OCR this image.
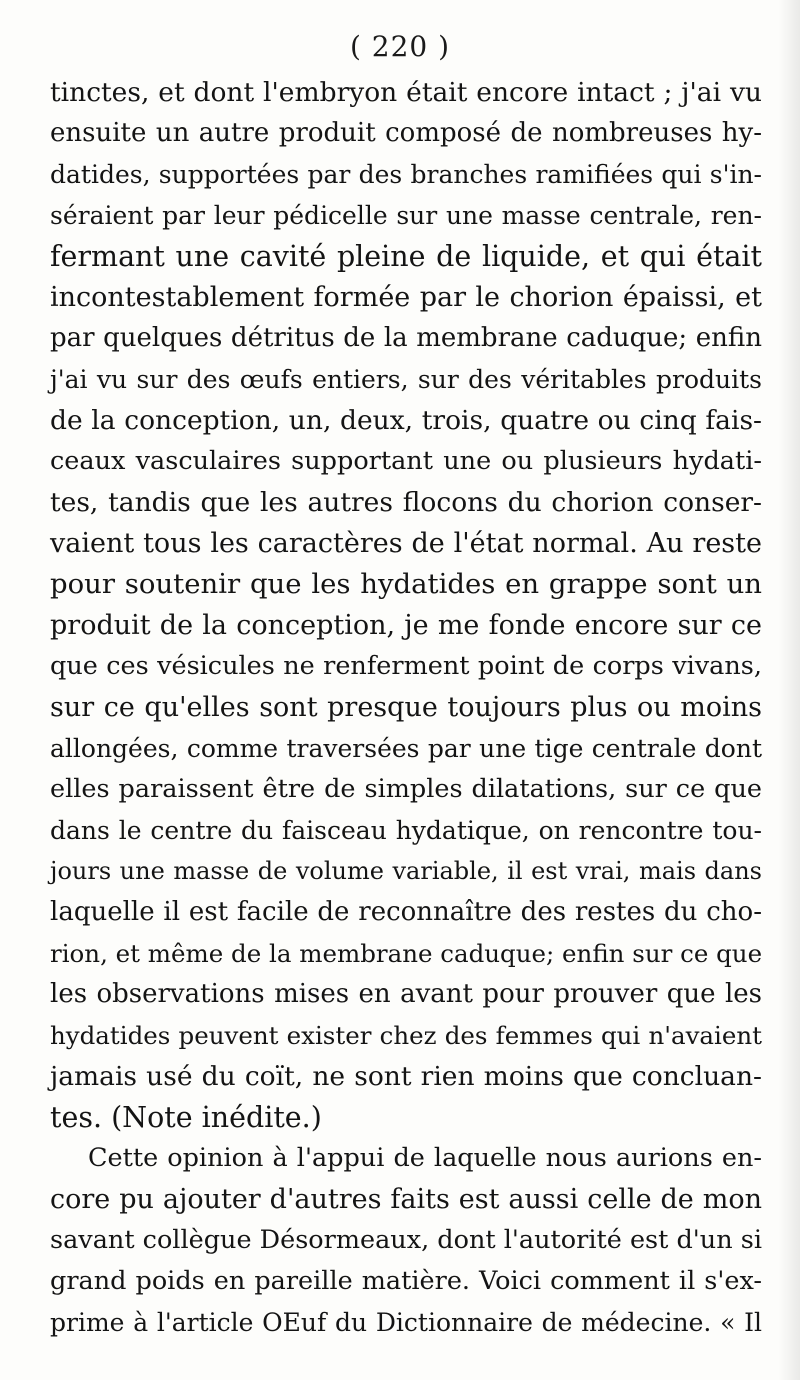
( 220 )
tinctes, et dont l'embryon était encore intact ; j'ai vu
ensuite un autre produit composé de nombreuses hy-
datides, supportées par des branches ramifiées qui s'in-
séraient par leur pédicelle sur une masse centrale, ren-
fermant une cavité pleine de liquide, et qui était
incontestablement formée par le chorion épaissi, et
par quelques détritus de la membrane caduque; enfin
j'ai vu sur des œufs entiers, sur des véritables produits
de la conception, un, deux, trois, quatre ou cinq fais-
ceaux vasculaires supportant une ou plusieurs hydati-
tes, tandis que les autres flocons du chorion conser-
vaient tous les caractères de l'état normal. Au reste
pour soutenir que les hydatides en grappe sont un
produit de la conception, je me fonde encore sur ce
que ces vésicules ne renferment point de corps vivans,
sur ce qu'elles sont presque toujours plus ou moins
allongées, comme traversées par une tige centrale dont
elles paraissent être de simples dilatations, sur ce que
dans le centre du faisceau hydatique, on rencontre tou-
jours une masse de volume variable, il est vrai, mais dans
laquelle il est facile de reconnaître des restes du cho-
rion, et même de la membrane caduque; enfin sur ce que
les observations mises en avant pour prouver que les
hydatides peuvent exister chez des femmes qui n'avaient
jamais usé du coït, ne sont rien moins que concluan-
tes. (Note inédite.)
Cette opinion à l'appui de laquelle nous aurions en-
core pu ajouter d'autres faits est aussi celle de mon
savant collègue Désormeaux, dont l'autorité est d'un si
grand poids en pareille matière. Voici comment il s'ex-
prime à l'article OEuf du Dictionnaire de médecine. « Il
